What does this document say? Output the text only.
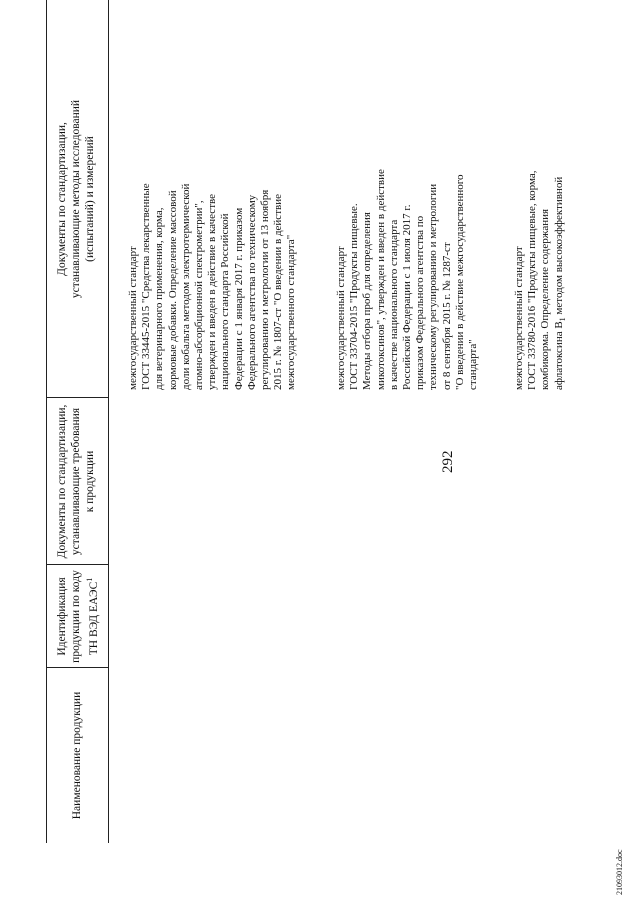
292
21093012.doc
Наименование продукции
Идентификация продукции по коду ТН ВЭД ЕАЭС$^1$
Документы по стандартизации, устанавливающие требования к продукции
Документы по стандартизации, устанавливающие методы исследований (испытаний) и измерений
межгосударственный стандарт ГОСТ 33445-2015 "Средства лекарственные для ветеринарного применения, корма, кормовые добавки. Определение массовой доли кобальта методом электротермической атомно-абсорбционной спектрометрии", утвержден и введен в действие в качестве национального стандарта Российской Федерации с 1 января 2017 г. приказом Федерального агентства по техническому регулированию и метрологии от 13 ноября 2015 г. № 1807-ст "О введении в действие межгосударственного стандарта"	межгосударственный стандарт ГОСТ 33704-2015 "Продукты пищевые. Методы отбора проб для определения микотоксинов", утвержден и введен в действие в качестве национального стандарта Российской Федерации с 1 июля 2017 г. приказом Федерального агентства по техническому регулированию и метрологии от 8 сентября 2015 г. № 1287-ст "О введении в действие межгосударственного стандарта"	межгосударственный стандарт ГОСТ 33780-2016 "Продукты пищевые, корма, комбикорма. Определение содержания афлатоксина $B_1$ методом высокоэффективной
